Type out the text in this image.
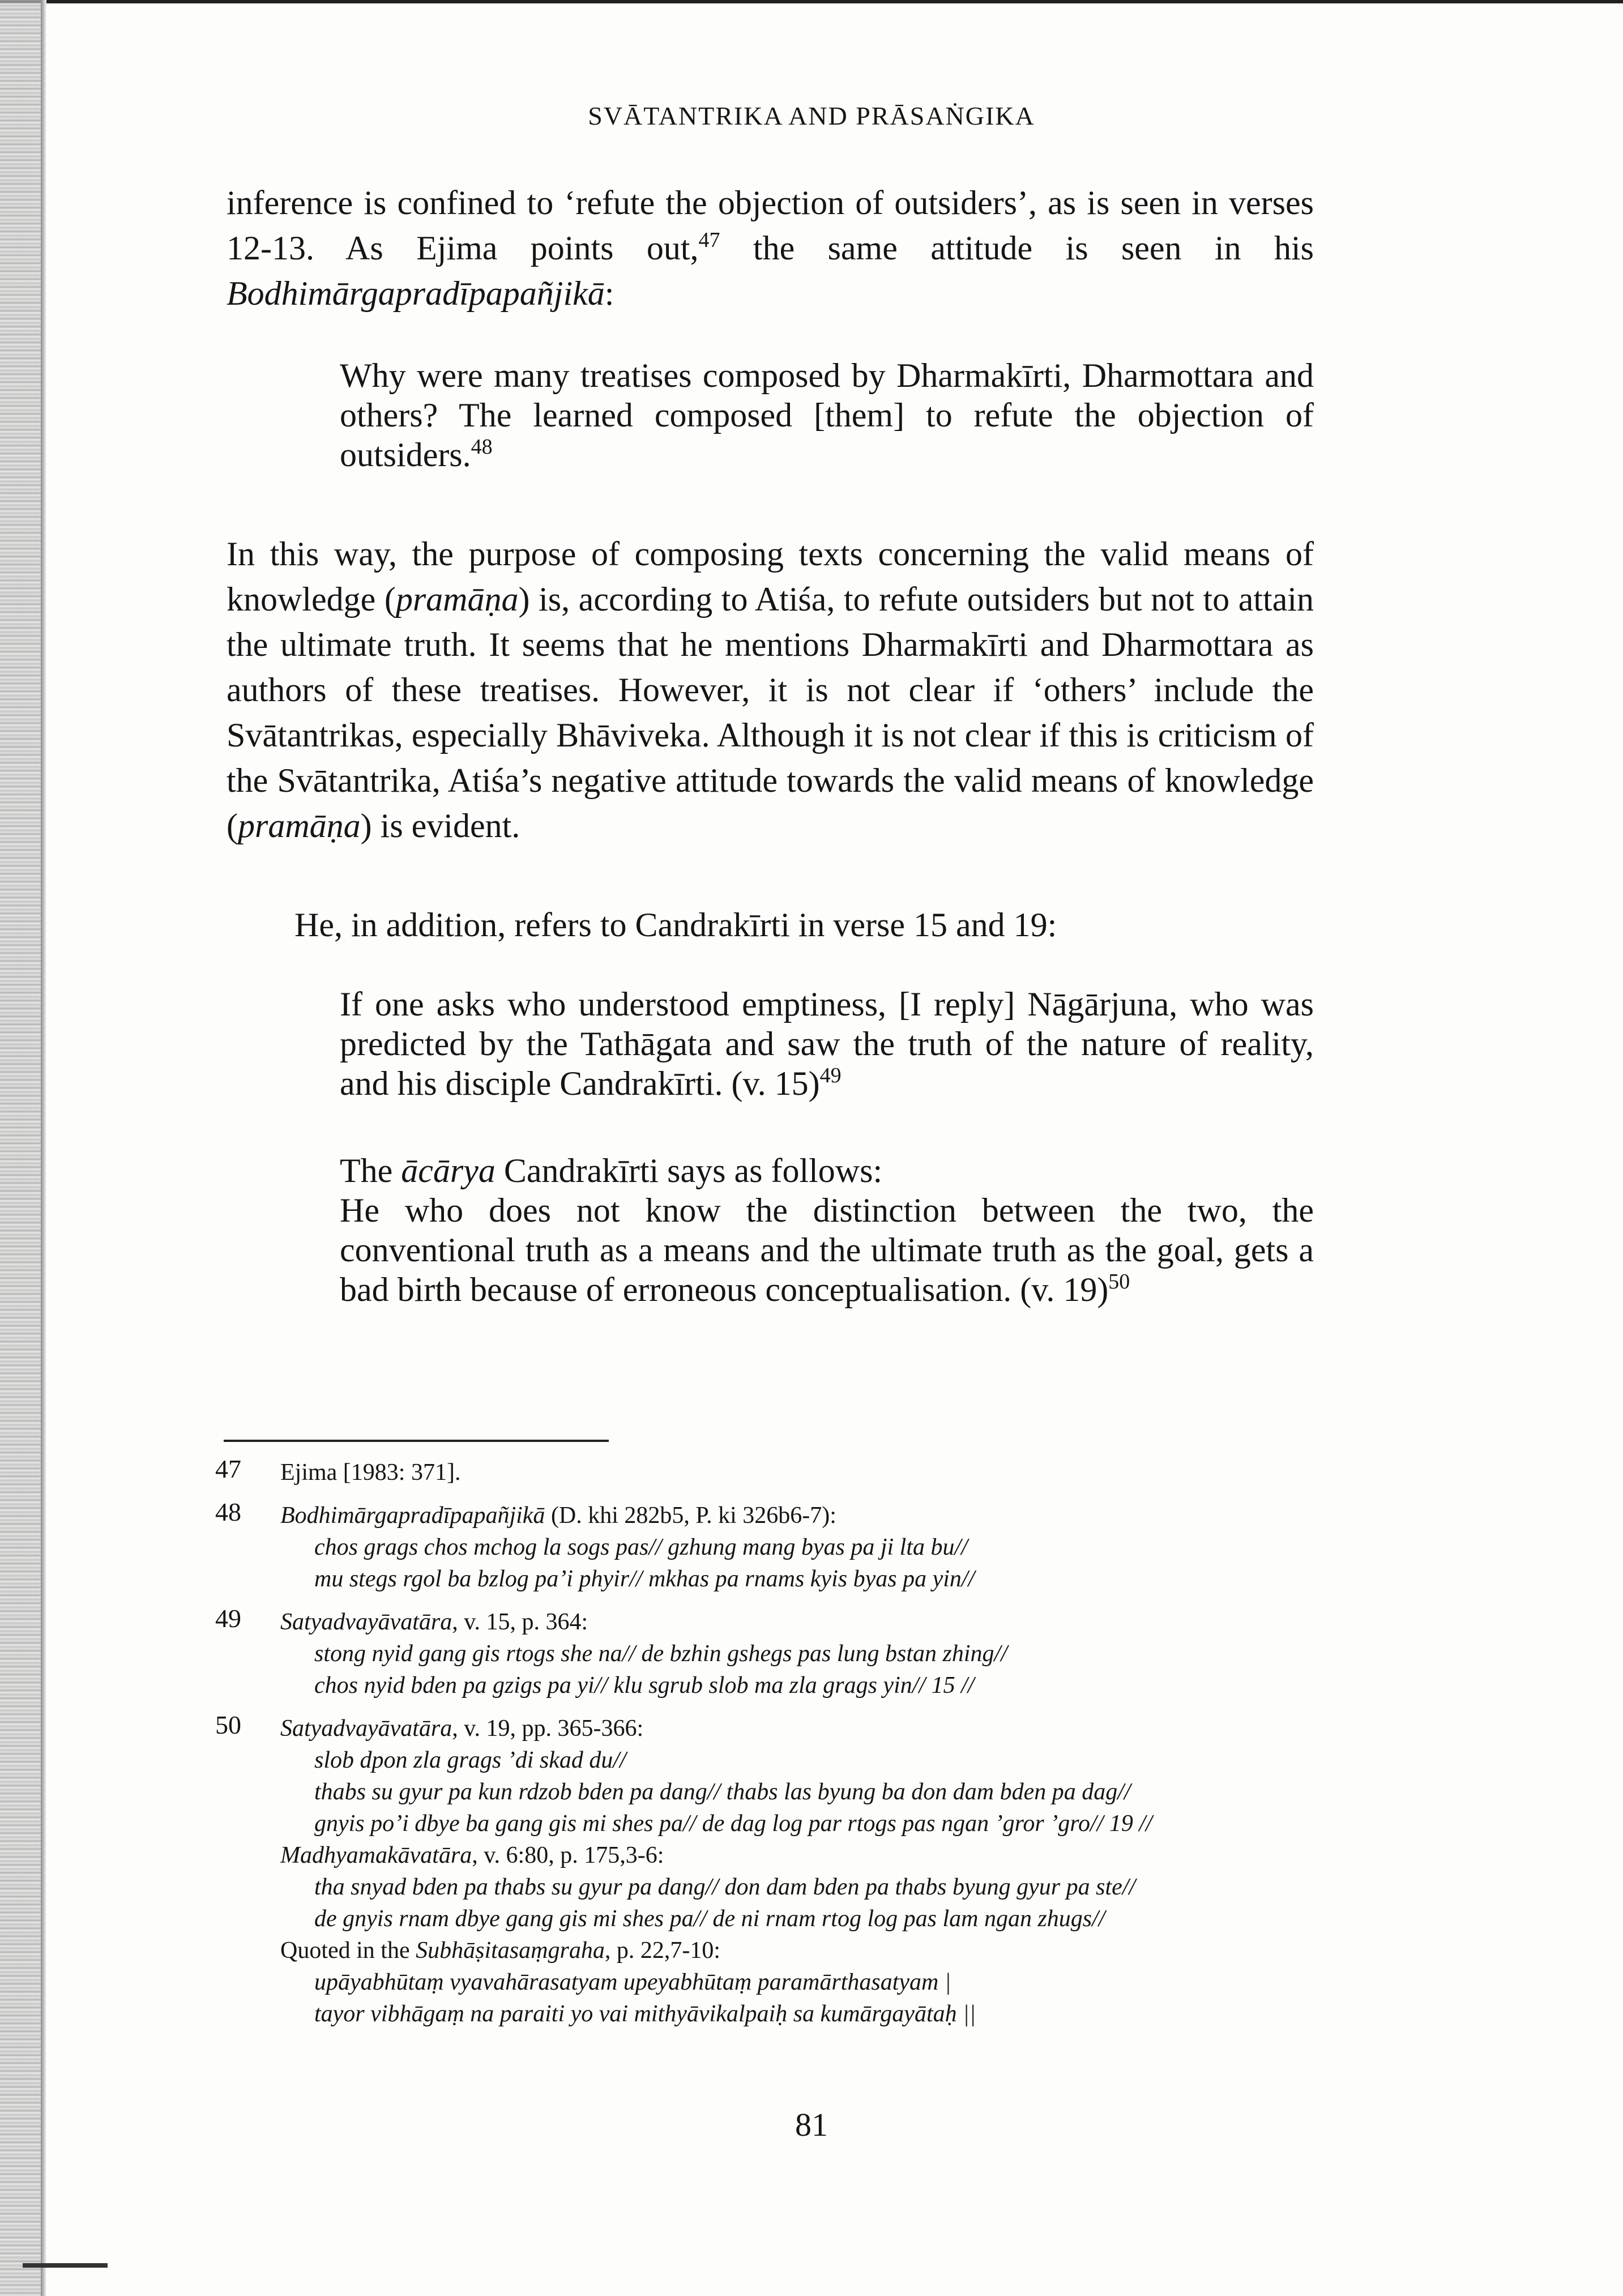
SVĀTANTRIKA AND PRĀSAṄGIKA

inference is confined to ‘refute the objection of outsiders’, as is seen in verses 12-13. As Ejima points out,$^{47}$ the same attitude is seen in his Bodhimārgapradīpapañjikā:

Why were many treatises composed by Dharmakīrti, Dharmottara and others? The learned composed [them] to refute the objection of outsiders.$^{48}$

In this way, the purpose of composing texts concerning the valid means of knowledge (pramāṇa) is, according to Atiśa, to refute outsiders but not to attain the ultimate truth. It seems that he mentions Dharmakīrti and Dharmottara as authors of these treatises. However, it is not clear if ‘others’ include the Svātantrikas, especially Bhāviveka. Although it is not clear if this is criticism of the Svātantrika, Atiśa’s negative attitude towards the valid means of knowledge (pramāṇa) is evident.

He, in addition, refers to Candrakīrti in verse 15 and 19:

If one asks who understood emptiness, [I reply] Nāgārjuna, who was predicted by the Tathāgata and saw the truth of the nature of reality, and his disciple Candrakīrti. (v. 15)$^{49}$

The ācārya Candrakīrti says as follows:

He who does not know the distinction between the two, the conventional truth as a means and the ultimate truth as the goal, gets a bad birth because of erroneous conceptualisation. (v. 19)$^{50}$

47 Ejima [1983: 371].
48 Bodhimārgapradīpapañjikā (D. khi 282b5, P. ki 326b6-7):
chos grags chos mchog la sogs pas// gzhung mang byas pa ji lta bu//
mu stegs rgol ba bzlog pa’i phyir// mkhas pa rnams kyis byas pa yin//
49 Satyadvayāvatāra, v. 15, p. 364:
stong nyid gang gis rtogs she na// de bzhin gshegs pas lung bstan zhing//
chos nyid bden pa gzigs pa yi// klu sgrub slob ma zla grags yin// 15 //
50 Satyadvayāvatāra, v. 19, pp. 365-366:
slob dpon zla grags ’di skad du//
thabs su gyur pa kun rdzob bden pa dang// thabs las byung ba don dam bden pa dag//
gnyis po’i dbye ba gang gis mi shes pa// de dag log par rtogs pas ngan ’gror ’gro// 19 //
Madhyamakāvatāra, v. 6:80, p. 175,3-6:
tha snyad bden pa thabs su gyur pa dang// don dam bden pa thabs byung gyur pa ste//
de gnyis rnam dbye gang gis mi shes pa// de ni rnam rtog log pas lam ngan zhugs//
Quoted in the Subhāṣitasaṃgraha, p. 22,7-10:
upāyabhūtaṃ vyavahārasatyam upeyabhūtaṃ paramārthasatyam |
tayor vibhāgaṃ na paraiti yo vai mithyāvikalpaiḥ sa kumārgayātaḥ ||
81
